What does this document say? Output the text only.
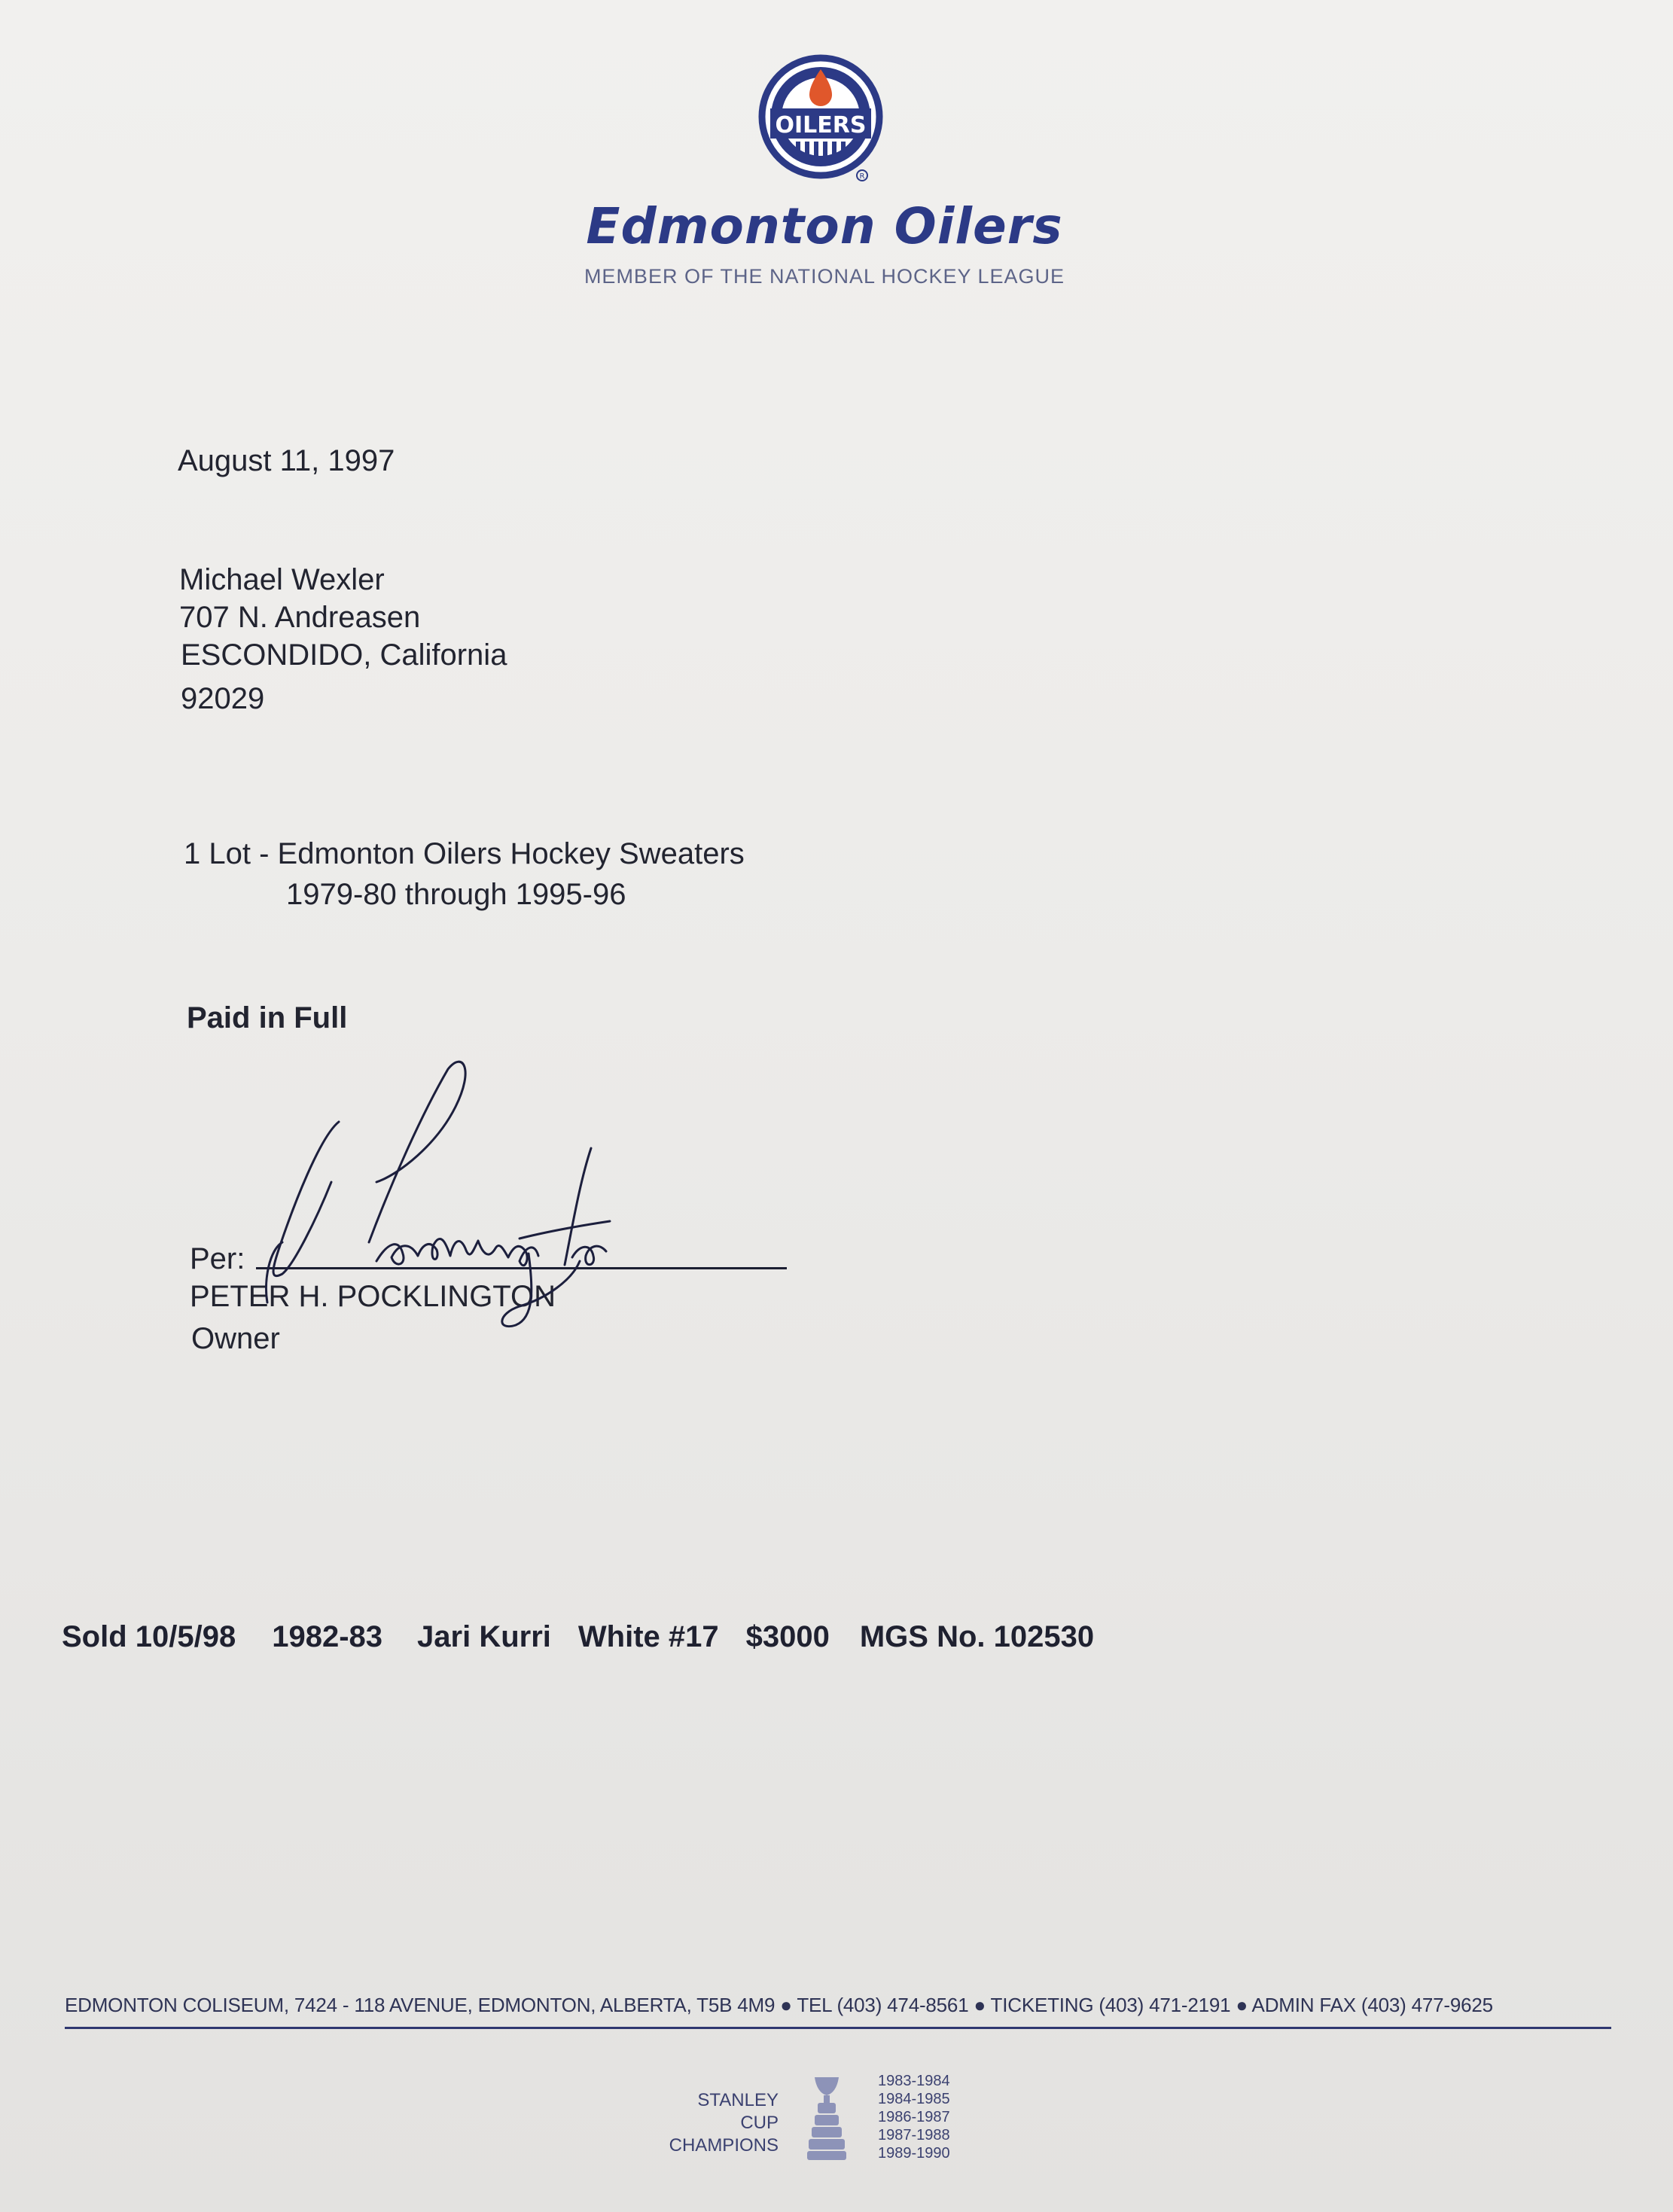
OILERS
R
Edmonton Oilers
MEMBER OF THE NATIONAL HOCKEY LEAGUE
August 11, 1997
Michael Wexler
707 N. Andreasen
ESCONDIDO, California
92029
1 Lot - Edmonton Oilers Hockey Sweaters
1979-80 through 1995-96
Paid in Full
Per:
PETER H. POCKLINGTON
Owner
Sold 10/5/98 1982-83 Jari Kurri White #17 $3000 MGS No. 102530
EDMONTON COLISEUM, 7424 - 118 AVENUE, EDMONTON, ALBERTA, T5B 4M9 ● TEL (403) 474-8561 ● TICKETING (403) 471-2191 ● ADMIN FAX (403) 477-9625
STANLEY
CUP
CHAMPIONS
1983-1984
1984-1985
1986-1987
1987-1988
1989-1990
